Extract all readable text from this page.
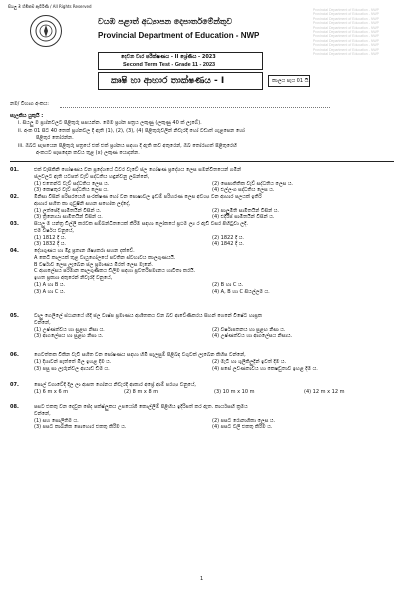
සියලු ම හිමිකම් ඇවිරිණි / All Rights Reserved
Provincial Department of Education - NWP
Provincial Department of Education - NWP
Provincial Department of Education - NWP
Provincial Department of Education - NWP
Provincial Department of Education - NWP
Provincial Department of Education - NWP
Provincial Department of Education - NWP
Provincial Department of Education - NWP
Provincial Department of Education - NWP
Provincial Department of Education - NWP
Provincial Department of Education - NWP
වයඹ පළාත් අධ්‍යාපන දෙපාර්තමේන්තුව
Provincial Department of Education - NWP
දෙවන වාර පරීක්ෂණය - II ශ්‍රේණිය - 2023
Second Term Test - Grade 11 - 2023
කෘෂි හා ආහාර තාක්ෂණය - I	කාලය පැය 01 යි.
නම/ විභාග අංකය:
සැලකිය යුතුයි :
i. සියලු ම ප්‍රශ්නවලට පිළිතුරු සපයන්න. මෙම ප්‍රශ්න පත්‍රය ලකුණු (ලකුණු 40 ක් ලැබේ).
ii. අංක 01 සිට 40 තෙක් ප්‍රශ්නවල දී ඇති (1), (2), (3), (4) පිළිතුරුවලින් නිවැරදි හෝ වඩාත් ගැළපෙන හෝ
පිළිතුර තෝරන්න.
iii. ඔබට සැපයෙන පිළිතුරු පත්‍රයේ එක් එක් ප්‍රශ්නය සඳහා දී ඇති කව අතුරෙන්, ඔබ තෝරාගත් පිළිතුරෙහි
අංකයට සැසඳෙන කවය තුළ (x) ලකුණ යොදන්න.
01.	එක් වැසිකිනි ගෝෂණය වන ප්‍රදේශයේ ධීවර වැවේ ජල ගෝෂණ ප්‍රදේශය ලෙස සමන්විතයෙන් ගමින්
ජලවලට ඇති යටපත් වැව් සද්ධතිය හඳුන්වනු ලබන්නේ,
(1) එතෙන්ට වැව් සද්ධතිය ලෙස ය.	(2) සෙපාතිතික වැව් සද්ධතිය ලෙස ය.
(3) කෙෂතුර වැව් සද්ධතිය ලෙස ය.	(4) එල්ලංග සද්ධතිය ලෙස ය.
02.	මිනිසා විසින් පරිසරයෙහි සංරක්ෂණ හෝ වන පොෂාවල ඉඩම් පරිහරණ ලෙස අවශ්‍ය වන ආහාර පලයක් ඉතිරි
ආහාර සහිත කා ගුවුෂිනි සහන සහෝක ලද්දේ,
(1) ලත්පේදී සාමිතයින් විසින් ය.	(2) පාලුමිති සාමිතයින් විසින් ය.
(3) ත්‍රිනොයා සාමිතයින් විසින් ය.	(4) එදිරිප් සාමිතයින් විසින් ය.
03.	සියලු ම යන්ත්‍ර ඩිල්ලී කරවක සම්බන්ධිතයෙක් කිරීම සඳහා ලෝකයේ ප්‍රථම ල්‍ය ර ඇඩි වසර පිහිටුවා ලදී.
එම වර්ෂය වනුයේ,
(1) 1812 දී ය.	(2) 1822 දී ය.
(3) 1832 දී ය.	(4) 1842 දී ය.
04.	දේශගුණය හා මිදූ ප්‍රතාන ශිෂ්‍යකරා සහන දක්වේ.
A කෙටි කාලයක් තුළ වායුගෝලයේ පවතින ස්වභාවය කාලගුණයයි.
B වර්ෂාව ලෙස ලැබෙන ජල ප්‍රමාණය මිරත් ලෙස මැනේ.
C ආගලේසය පරිමාන කාලගුණිකය ඩිලිම සඳහා ප්‍රවර්තිපමානය හාවිතා කරයි.
ඉහත ප්‍රකාශ අතුරෙන් නිවැරදි වනුයේ,
(1) A හා B ය.	(2) B හා C ය.
(3) A හා C ය.	(4) A, B හා C සියල්ලම ය.
05.	වාලු ගෙලීලේ ස්ථානයේ හිදී ජල වාෂ්ප ප්‍රමාණය ආශිතකය වන බව ආවේණිකරය සිහන් ගෙනේ විෂේට හාප්‍රක
වන්නේ,
(1) උෂ්ණත්වය හා සුළඟ නිසා ය.	(2) වර්ෂාපතනය හා සුළඟ නිසා ය.
(3) ආගලේසය හා සුළඟ නිසා ය.	(4) උෂ්ණත්වය හා ආගලේසය නිසාය.
06.	ගෙවත්තක විකින වැවී සහිත වන පෝෂණය සඳහා හිමි සැලසුම් පිළිබඳ වගුවක් ලැබෙන කිහිප වන්නේ,
(1) දිශාවන් පැත්තේ මිල ඉහළ දීම ය.	(2) මැටි හා ශුලිකිලුදීන් ඉවත් දීම ය.
(3) පසු සා ලැරුන්වල ආයාඩ ඩීම ය.	(4) පසේ ලවණතාවය හා කෙෂඩුතාව ඉහළ දීම ය.
07.	පොල් වගාවේදී දිල ලා ආපත ගෝනය නිවැරදි ආකාර අප්‍රේ ආම් පරශ්‍ය වනුයේ,
(1) 6 m x 6 m	(2) 8 m x 8 m	(3) 10 m x 10 m	(4) 12 m x 12 m
08.	පසට එකතු වන දෙවුන ජේද පක්ෂ්ලුකය උපයෝගී කොල්ලීම් පිළිහිය ඉදිරිපත් කර ඇත. කාර්යසඟි ක්‍රමය
වන්නේ,
(1) සහ සොලිතිම ය.	(2) පසට රොනාගිකා ලෙස ය.
(3) පසට කාබනික පොහොර එකතු කිරීම ය.	(4) පසට වලි එකතු කිරීම ය.
1
